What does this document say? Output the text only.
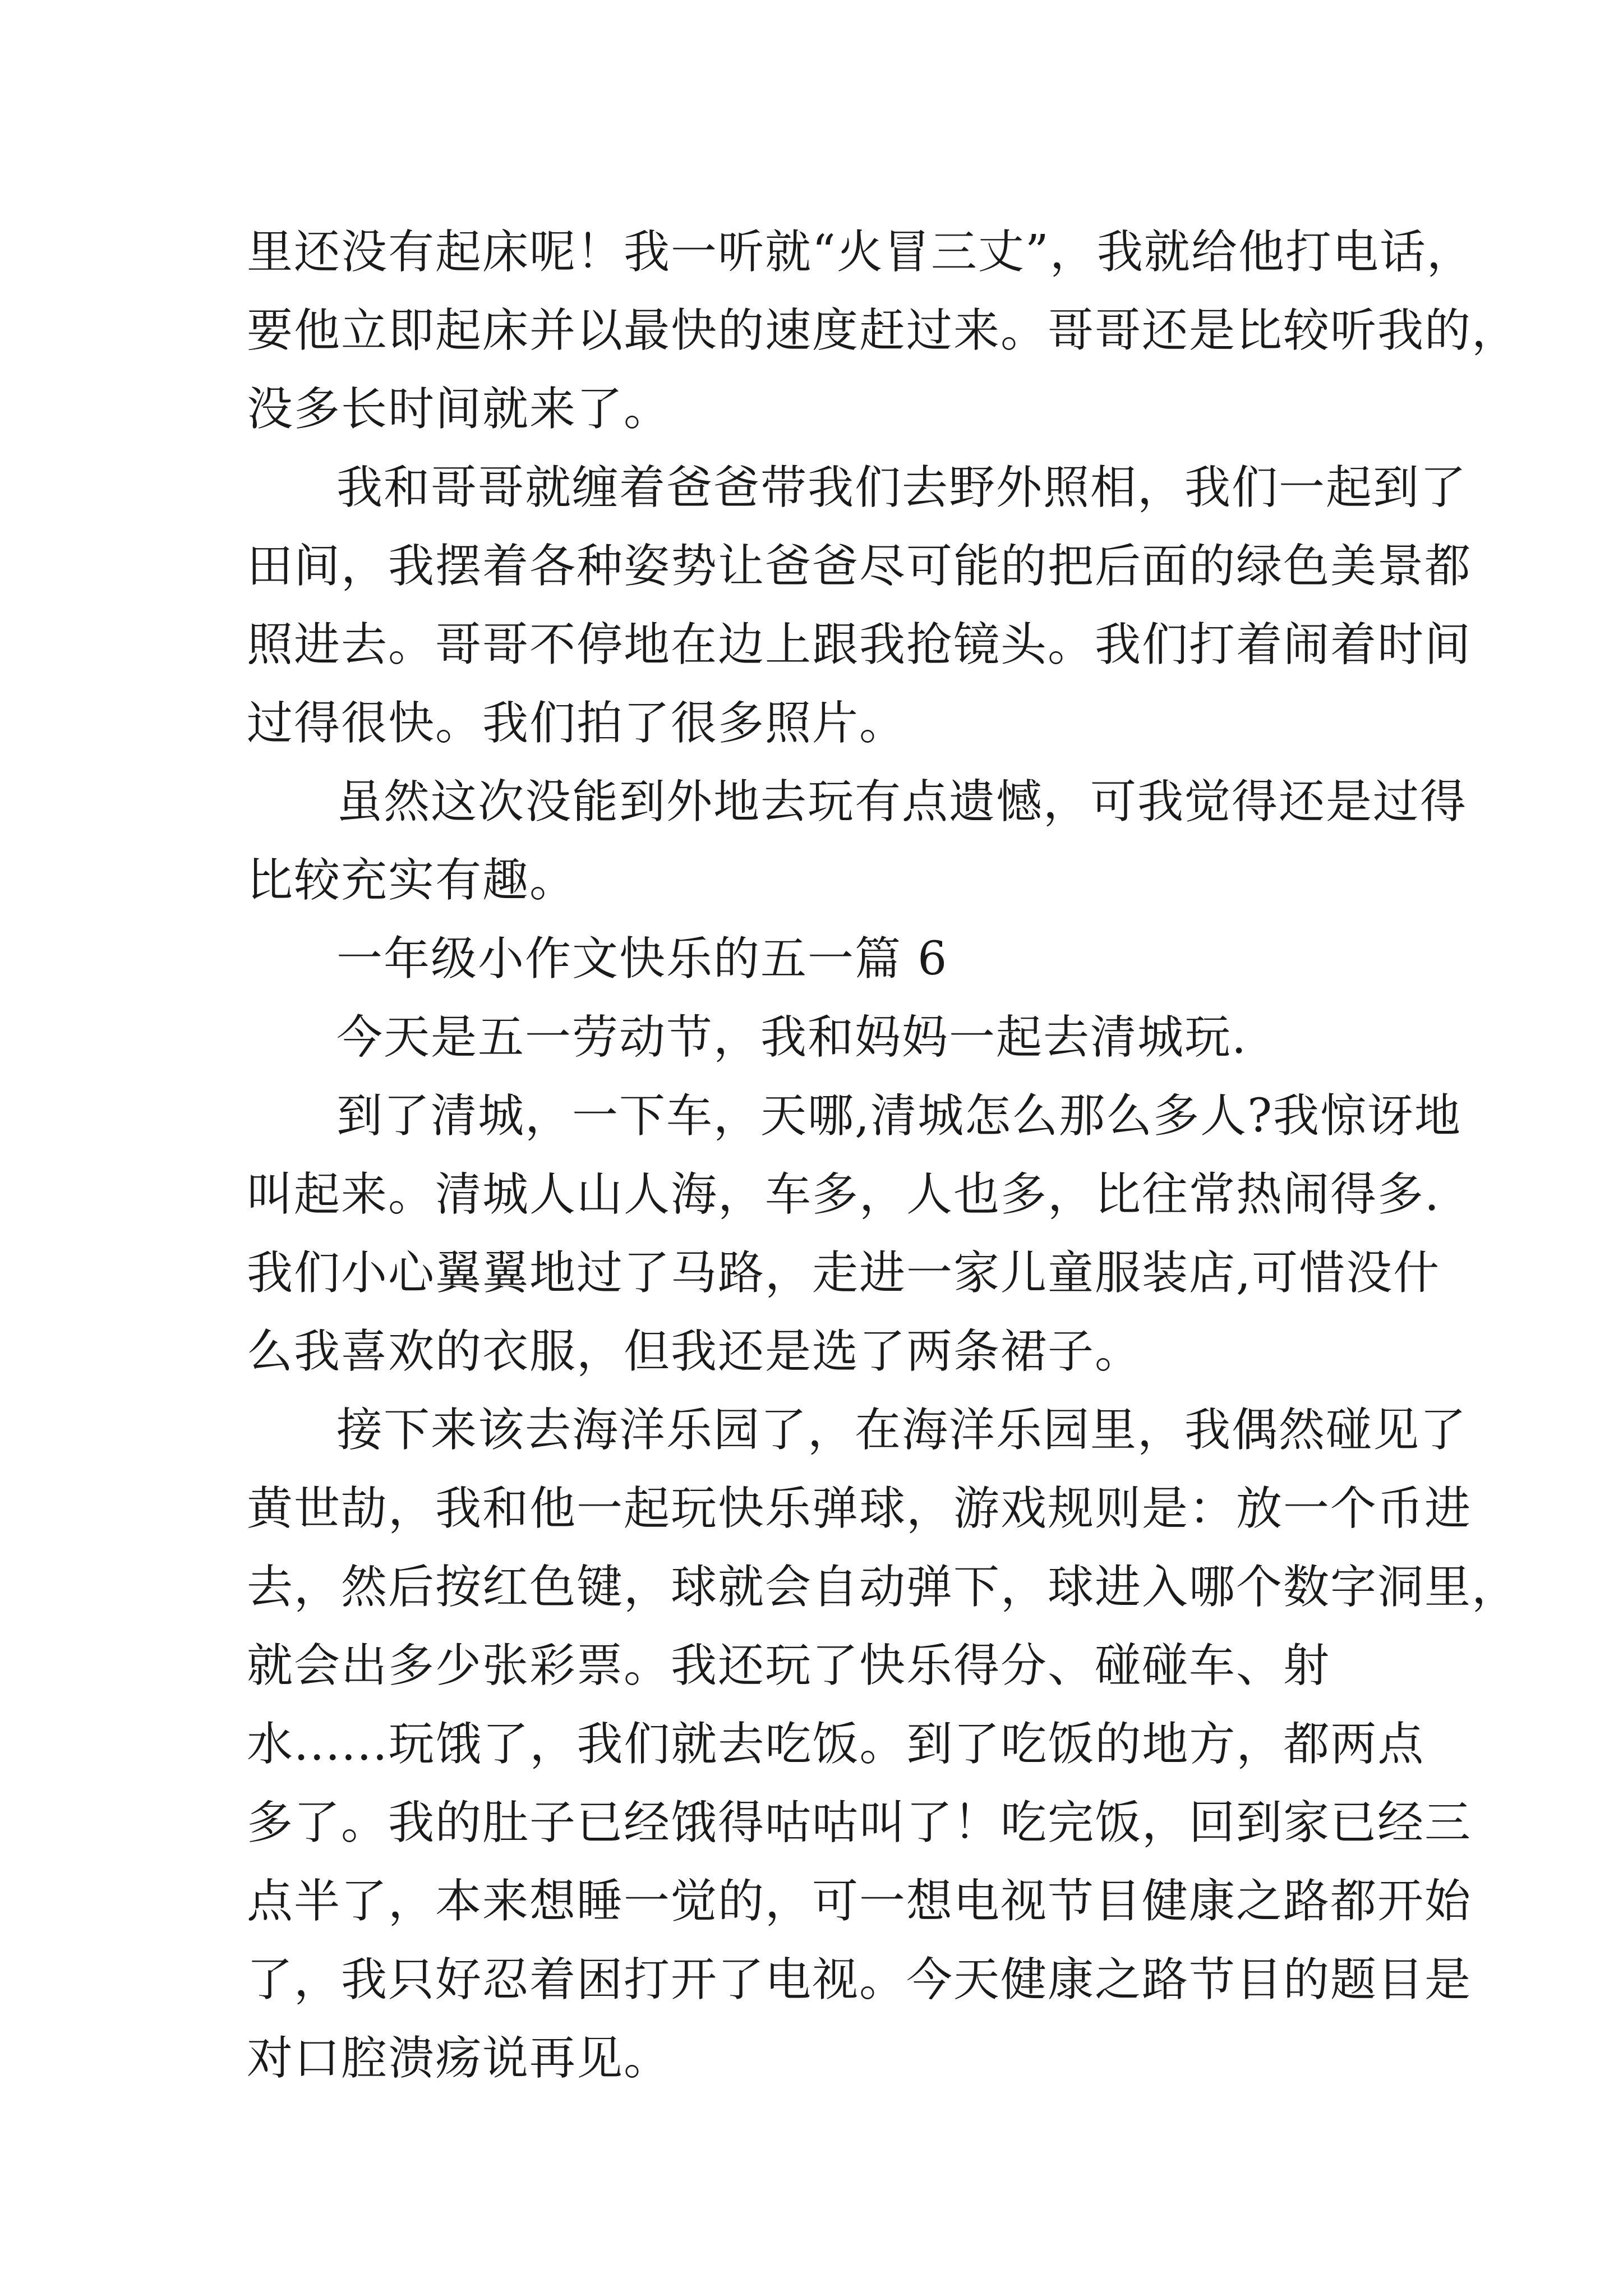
里还没有起床呢！我一听就“火冒三丈”，我就给他打电话，
要他立即起床并以最快的速度赶过来。哥哥还是比较听我的，
没多长时间就来了。
我和哥哥就缠着爸爸带我们去野外照相，我们一起到了
田间，我摆着各种姿势让爸爸尽可能的把后面的绿色美景都
照进去。哥哥不停地在边上跟我抢镜头。我们打着闹着时间
过得很快。我们拍了很多照片。
虽然这次没能到外地去玩有点遗憾，可我觉得还是过得
比较充实有趣。
一年级小作文快乐的五一篇 6
今天是五一劳动节，我和妈妈一起去清城玩.
到了清城，一下车，天哪,清城怎么那么多人?我惊讶地
叫起来。清城人山人海，车多，人也多，比往常热闹得多.
我们小心翼翼地过了马路，走进一家儿童服装店,可惜没什
么我喜欢的衣服，但我还是选了两条裙子。
接下来该去海洋乐园了，在海洋乐园里，我偶然碰见了
黄世劼，我和他一起玩快乐弹球，游戏规则是：放一个币进
去，然后按红色键，球就会自动弹下，球进入哪个数字洞里，
就会出多少张彩票。我还玩了快乐得分、碰碰车、射
水......玩饿了，我们就去吃饭。到了吃饭的地方，都两点
多了。我的肚子已经饿得咕咕叫了！吃完饭，回到家已经三
点半了，本来想睡一觉的，可一想电视节目健康之路都开始
了，我只好忍着困打开了电视。今天健康之路节目的题目是
对口腔溃疡说再见。
